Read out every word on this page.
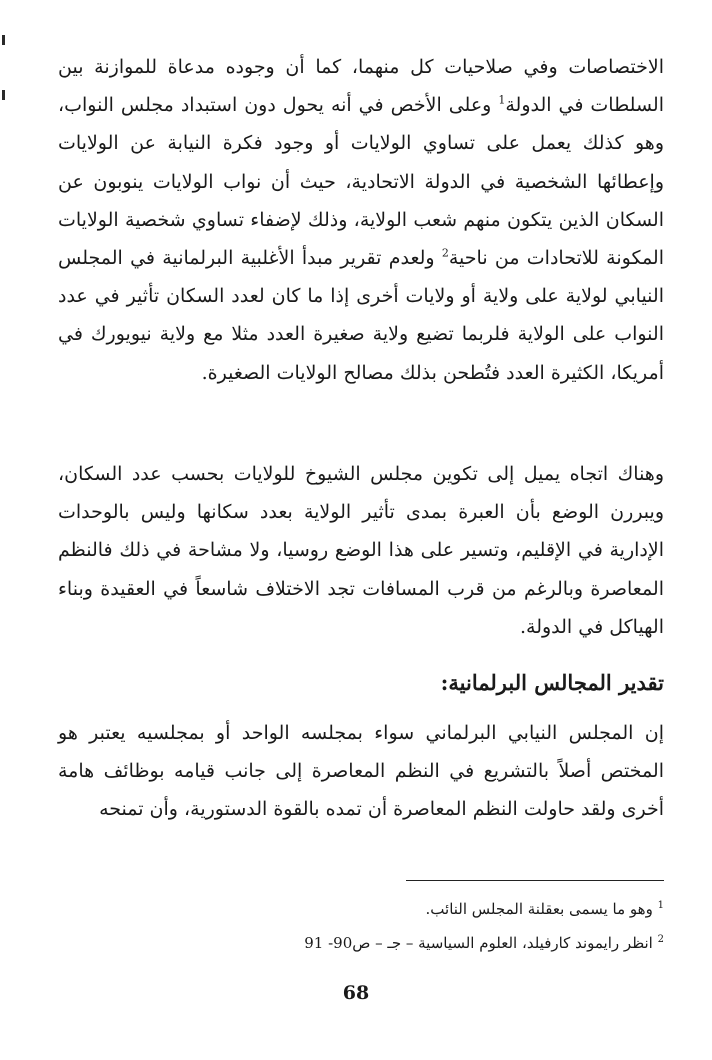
الاختصاصات وفي صلاحيات كل منهما، كما أن وجوده مدعاة للموازنة بين السلطات في الدولة$^1$ وعلى الأخص في أنه يحول دون استبداد مجلس النواب، وهو كذلك يعمل على تساوي الولايات أو وجود فكرة النيابة عن الولايات وإعطائها الشخصية في الدولة الاتحادية، حيث أن نواب الولايات ينوبون عن السكان الذين يتكون منهم شعب الولاية، وذلك لإضفاء تساوي شخصية الولايات المكونة للاتحادات من ناحية$^2$ ولعدم تقرير مبدأ الأغلبية البرلمانية في المجلس النيابي لولاية على ولاية أو ولايات أخرى إذا ما كان لعدد السكان تأثير في عدد النواب على الولاية فلربما تضيع ولاية صغيرة العدد مثلا مع ولاية نيويورك في أمريكا، الكثيرة العدد فتُطحن بذلك مصالح الولايات الصغيرة.

وهناك اتجاه يميل إلى تكوين مجلس الشيوخ للولايات بحسب عدد السكان، ويبررن الوضع بأن العبرة بمدى تأثير الولاية بعدد سكانها وليس بالوحدات الإدارية في الإقليم، وتسير على هذا الوضع روسيا، ولا مشاحة في ذلك فالنظم المعاصرة وبالرغم من قرب المسافات تجد الاختلاف شاسعاً في العقيدة وبناء الهياكل في الدولة.

تقدير المجالس البرلمانية:

إن المجلس النيابي البرلماني سواء بمجلسه الواحد أو بمجلسيه يعتبر هو المختص أصلاً بالتشريع في النظم المعاصرة إلى جانب قيامه بوظائف هامة أخرى ولقد حاولت النظم المعاصرة أن تمده بالقوة الدستورية، وأن تمنحه

$^1$ وهو ما يسمى بعقلنة المجلس النائب.

$^2$ انظر رايموند كارفيلد، العلوم السياسية – جـ – ص90- 91

68
